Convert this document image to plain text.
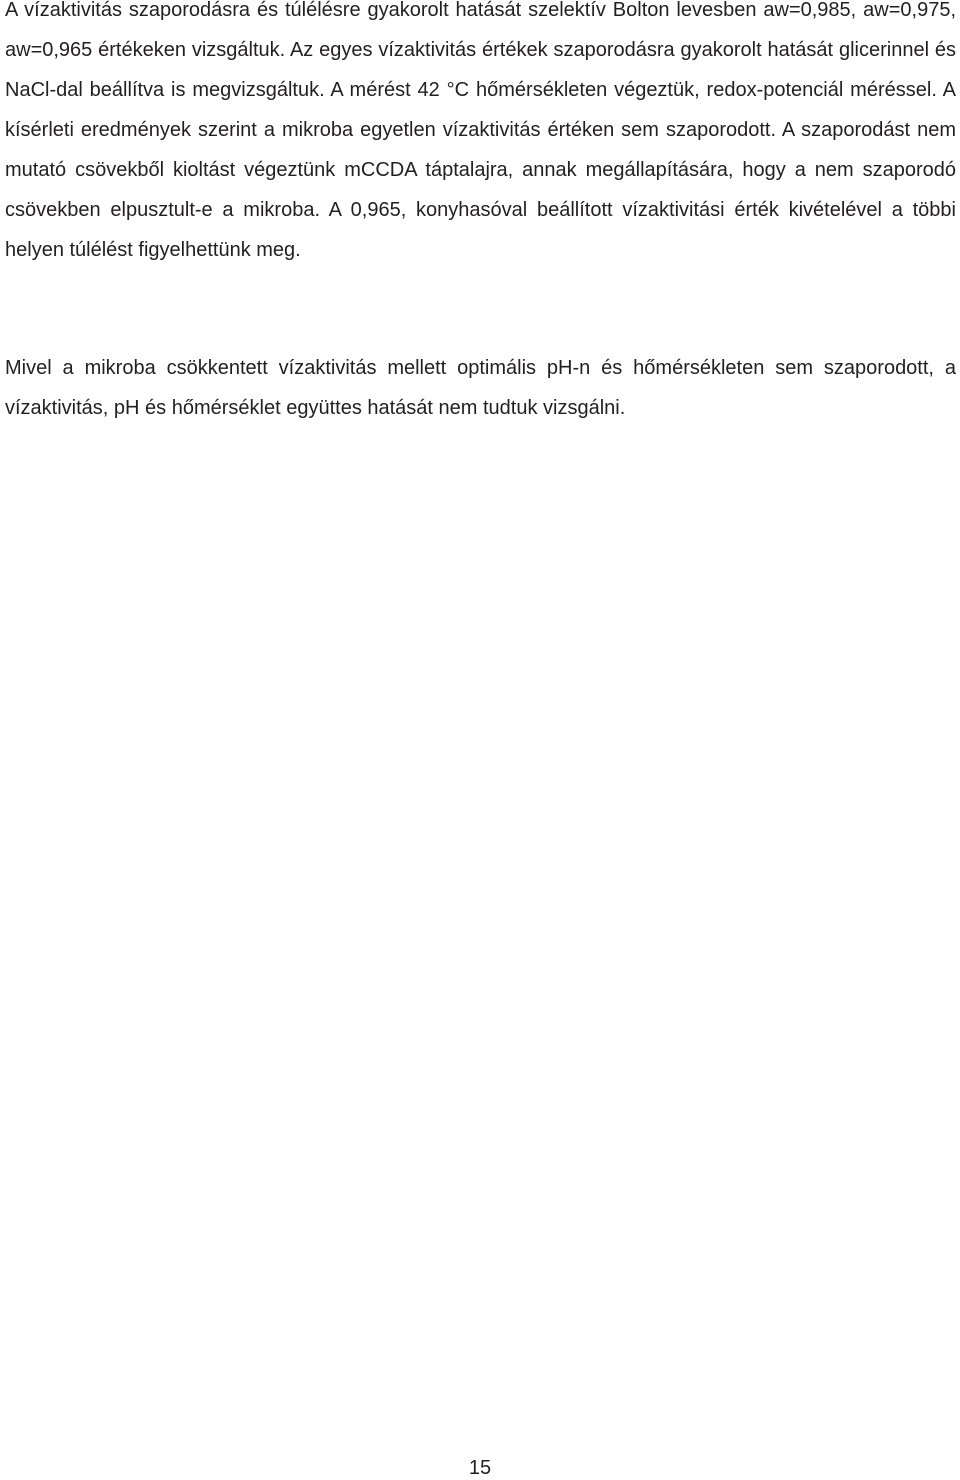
A vízaktivitás szaporodásra és túlélésre gyakorolt hatását szelektív Bolton levesben aw=0,985, aw=0,975, aw=0,965 értékeken vizsgáltuk. Az egyes vízaktivitás értékek szaporodásra gyakorolt hatását glicerinnel és NaCl-dal beállítva is megvizsgáltuk. A mérést 42 °C hőmérsékleten végeztük, redox-potenciál méréssel. A kísérleti eredmények szerint a mikroba egyetlen vízaktivitás értéken sem szaporodott. A szaporodást nem mutató csövekből kioltást végeztünk mCCDA táptalajra, annak megállapítására, hogy a nem szaporodó csövekben elpusztult-e a mikroba. A 0,965, konyhasóval beállított vízaktivitási érték kivételével a többi helyen túlélést figyelhettünk meg.

Mivel a mikroba csökkentett vízaktivitás mellett optimális pH-n és hőmérsékleten sem szaporodott, a vízaktivitás, pH és hőmérséklet együttes hatását nem tudtuk vizsgálni.

15
